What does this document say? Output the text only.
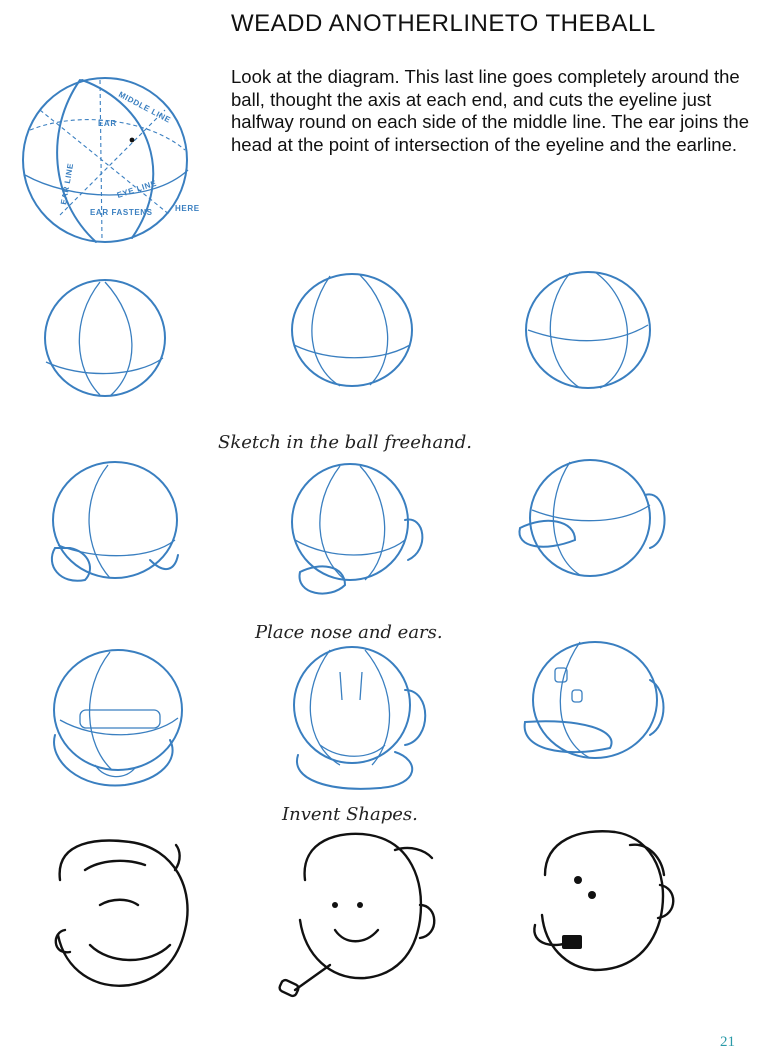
WEADD ANOTHERLINETO THEBALL
Look at the diagram. This last line goes completely around the ball, thought the axis at each end, and cuts the eyeline just halfway round on each side of the middle line. The ear joins the head at the point of intersection of the eyeline and the earline.
MIDDLE LINE
EAR
EAR LINE	EYE LINE
EAR FASTENS	HERE
Sketch in the ball freehand.
Place nose and ears.
Invent Shapes.
21
